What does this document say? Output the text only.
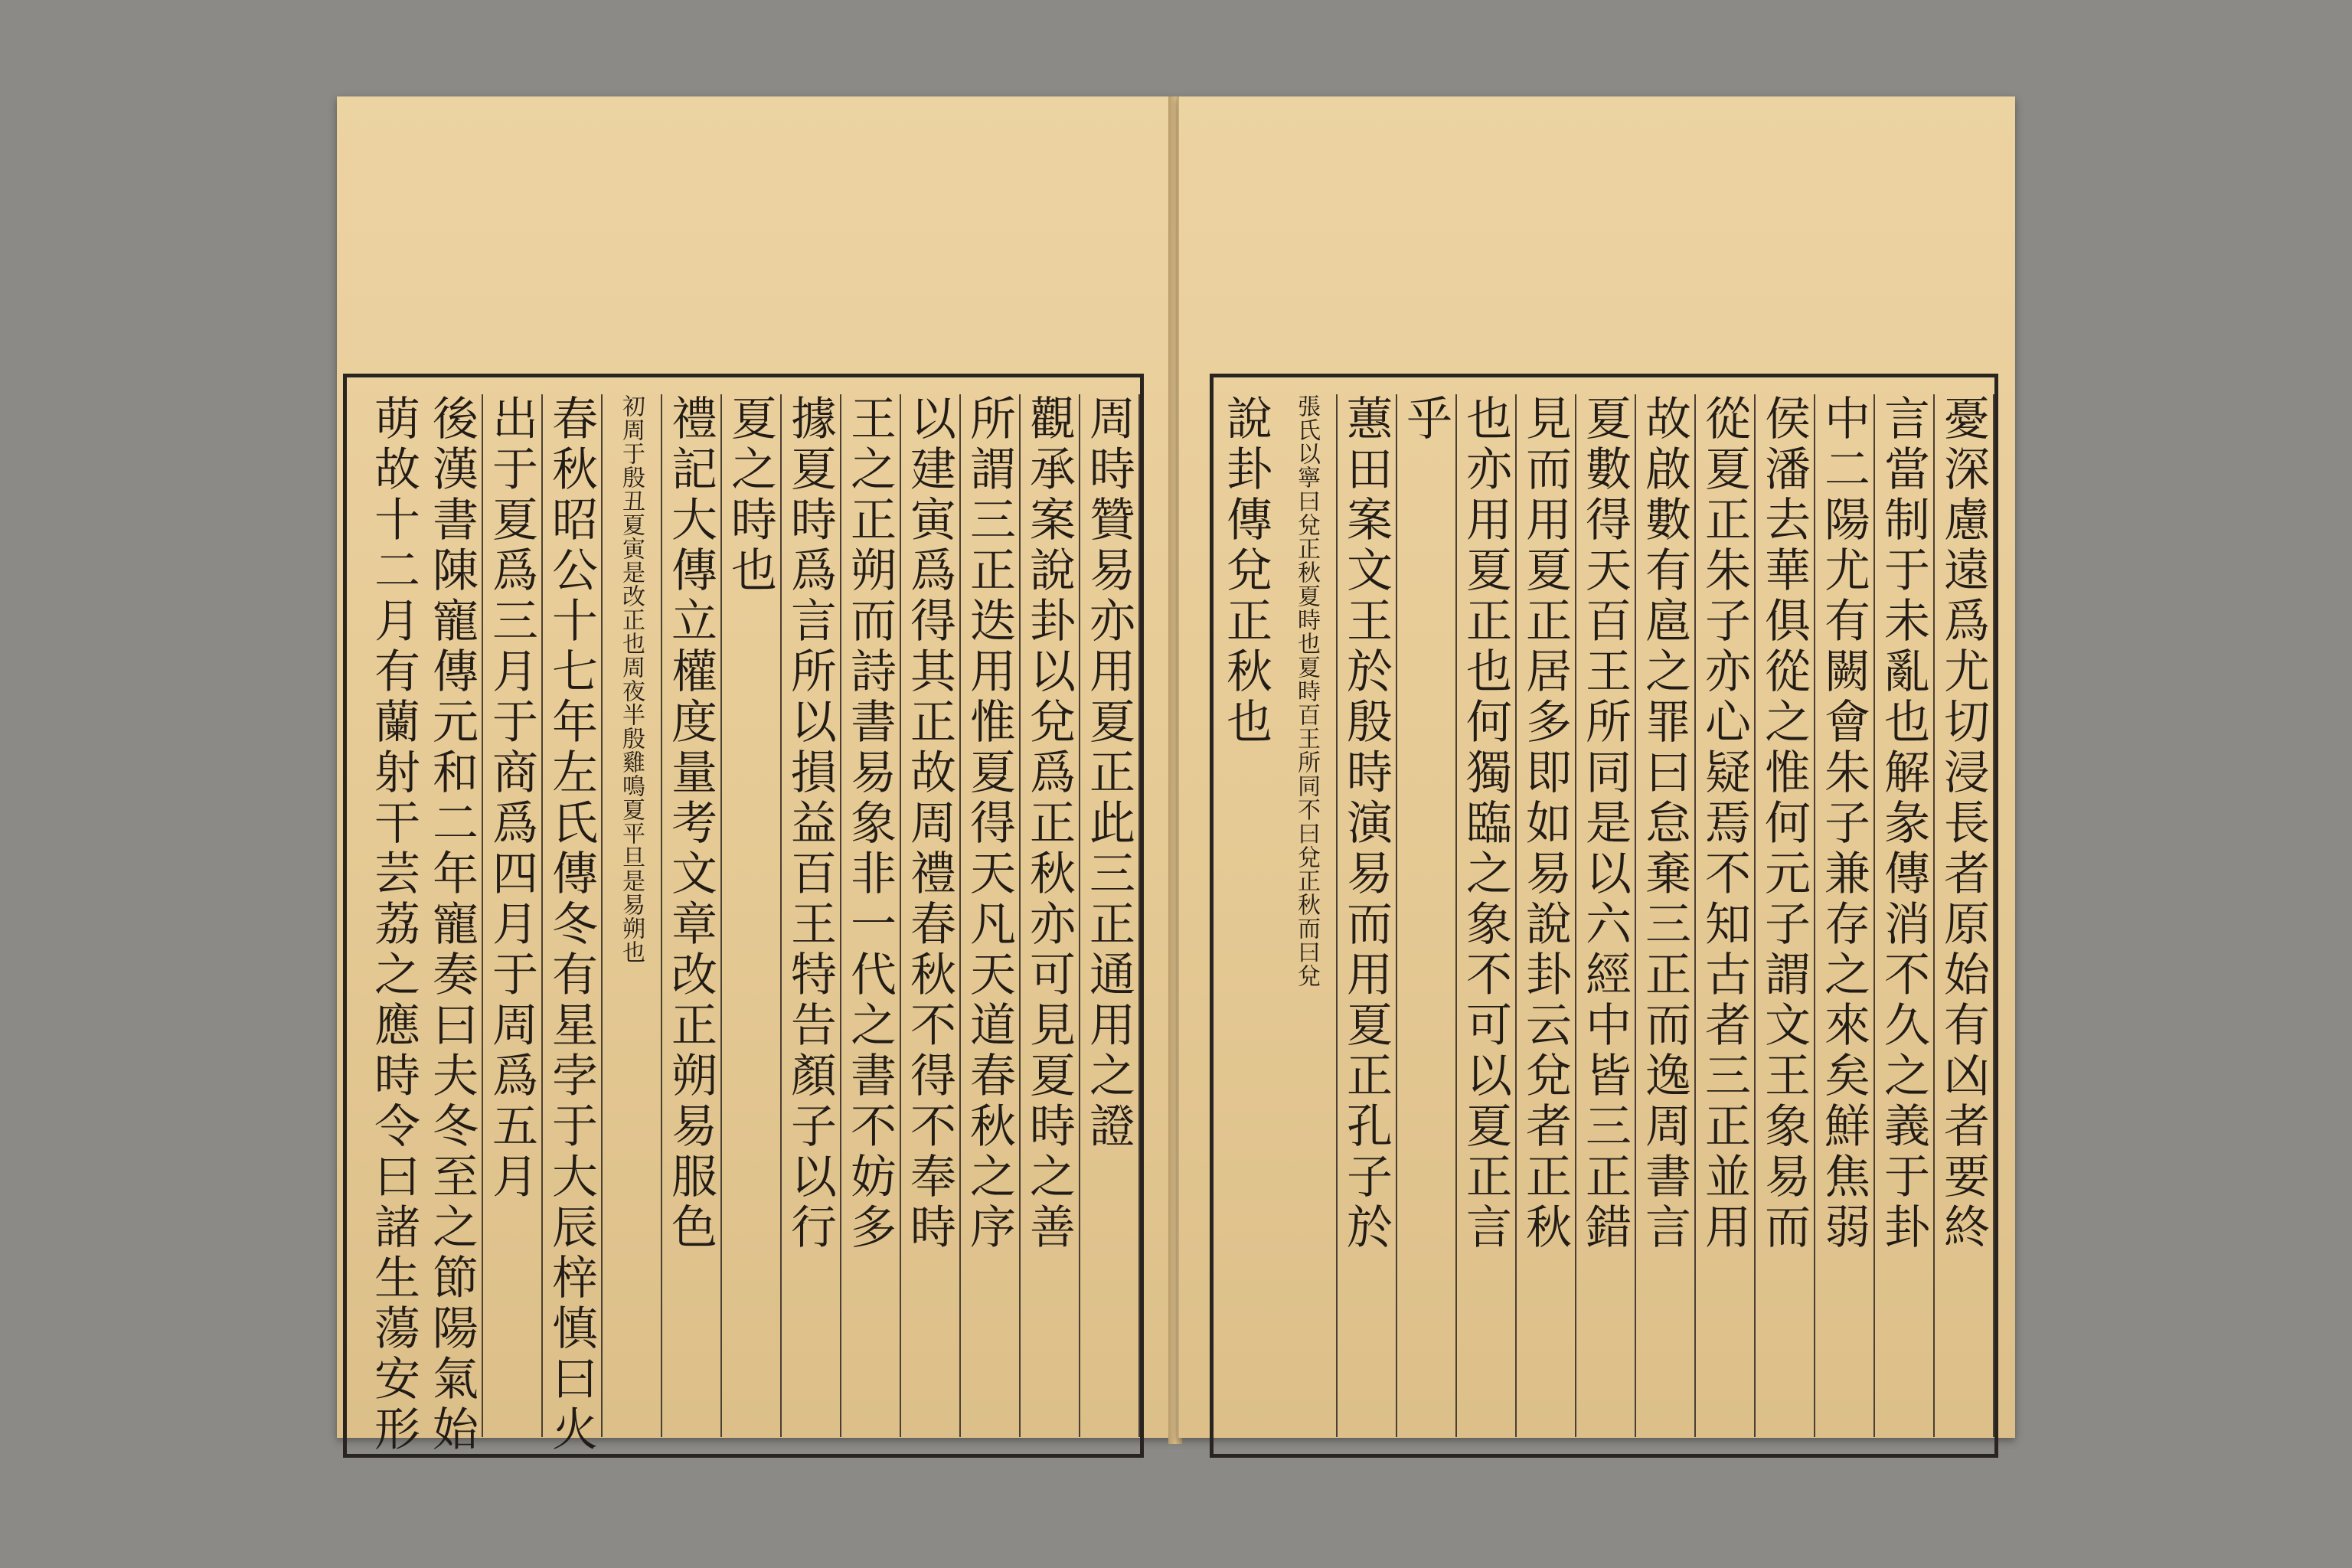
周時贊易亦用夏正此三正通用之證
觀承案說卦以兌爲正秋亦可見夏時之善
所謂三正迭用惟夏得天凡天道春秋之序
以建寅爲得其正故周禮春秋不得不奉時
王之正朔而詩書易象非一代之書不妨多
據夏時爲言所以損益百王特告顏子以行
夏之時也
禮記大傳立權度量考文章改正朔易服色
初周于殷丑夏寅是改正也周夜半殷雞鳴夏平旦是易朔也
春秋昭公十七年左氏傳冬有星孛于大辰梓慎曰火
出于夏爲三月于商爲四月于周爲五月
後漢書陳寵傳元和二年寵奏曰夫冬至之節陽氣始
萌故十二月有蘭射干芸荔之應時令曰諸生蕩安形	憂深慮遠爲尤切浸長者原始有凶者要終
言當制于未亂也解彖傳消不久之義于卦
中二陽尤有闕會朱子兼存之來矣鮮焦弱
侯潘去華俱從之惟何元子謂文王象易而
從夏正朱子亦心疑焉不知古者三正並用
故啟數有扈之罪曰怠棄三正而逸周書言
夏數得天百王所同是以六經中皆三正錯
見而用夏正居多即如易說卦云兌者正秋
也亦用夏正也何獨臨之象不可以夏正言
乎
蕙田案文王於殷時演易而用夏正孔子於
張氏以寧曰兌正秋夏時也夏時百王所同不曰兌正秋而曰兌
說卦傳兌正秋也
